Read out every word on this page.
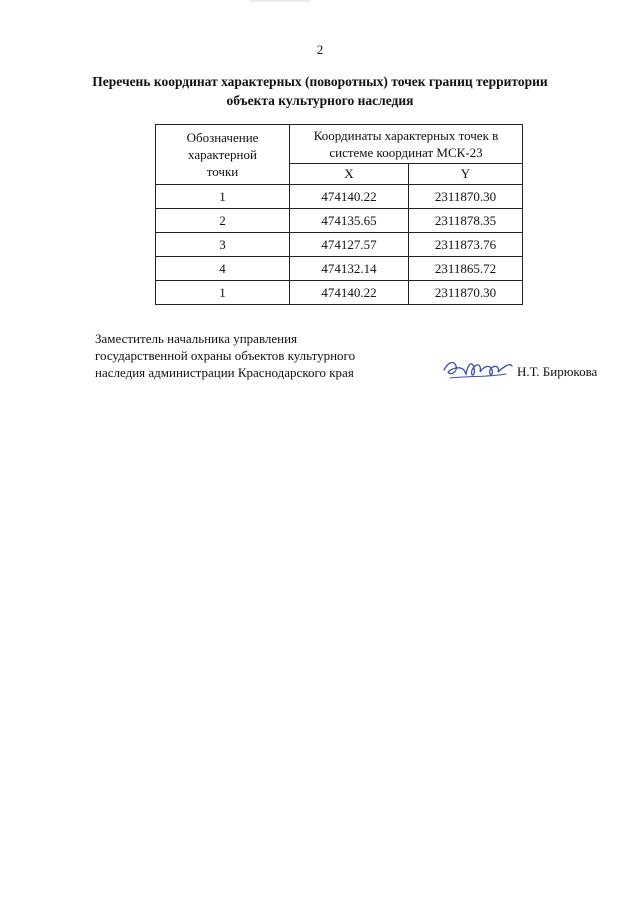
2
Перечень координат характерных (поворотных) точек границ территории
объекта культурного наследия
Обозначение
характерной
точки	Координаты характерных точек в
системе координат МСК-23	

	X	Y
1	474140.22	2311870.30
2	474135.65	2311878.35
3	474127.57	2311873.76
4	474132.14	2311865.72
1	474140.22	2311870.30
Заместитель начальника управления
государственной охраны объектов культурного
наследия администрации Краснодарского края	Н.Т. Бирюкова
